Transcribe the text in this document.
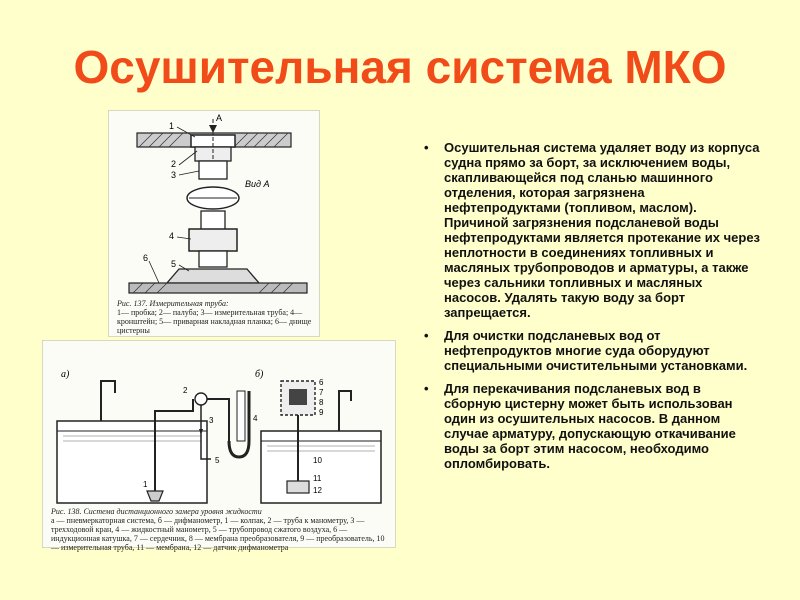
Осушительная система МКО
1
2
3
4
5
6
А
Вид А
Рис. 137. Измерительная труба:
1— пробка; 2— палуба; 3— измерительная труба; 4— кронштейн; 5— приварная накладная планка; 6— днище цистерны
а)	б)
1
2
3	4
5
6
7
8
9
10
11
12
Рис. 138. Система дистанционного замера уровня жидкости
а — пневмеркаторная система, б — дифманометр, 1 — колпак, 2 — труба к манометру, 3 — трехходовой кран, 4 — жидкостный манометр, 5 — трубопровод сжатого воздуха, 6 — индукционная катушка, 7 — сердечник, 8 — мембрана преобразователя, 9 — преобразователь, 10 — измерительная труба, 11 — мембрана, 12 — датчик дифманометра
• Осушительная система удаляет воду из корпуса судна прямо за борт, за исключением воды, скапливающейся под сланью машинного отделения, которая загрязнена нефтепродуктами (топливом, маслом). Причиной загрязнения подсланевой воды нефтепродуктами является протекание их через неплотности в соединениях топливных и масляных трубопроводов и арматуры, а также через сальники топливных и масляных насосов. Удалять такую воду за борт запрещается.
• Для очистки подсланевых вод от нефтепродуктов многие суда оборудуют специальными очистительными установками.
• Для перекачивания подсланевых вод в сборную цистерну может быть использован один из осушительных насосов. В данном случае арматуру, допускающую откачивание воды за борт этим насосом, необходимо опломбировать.
